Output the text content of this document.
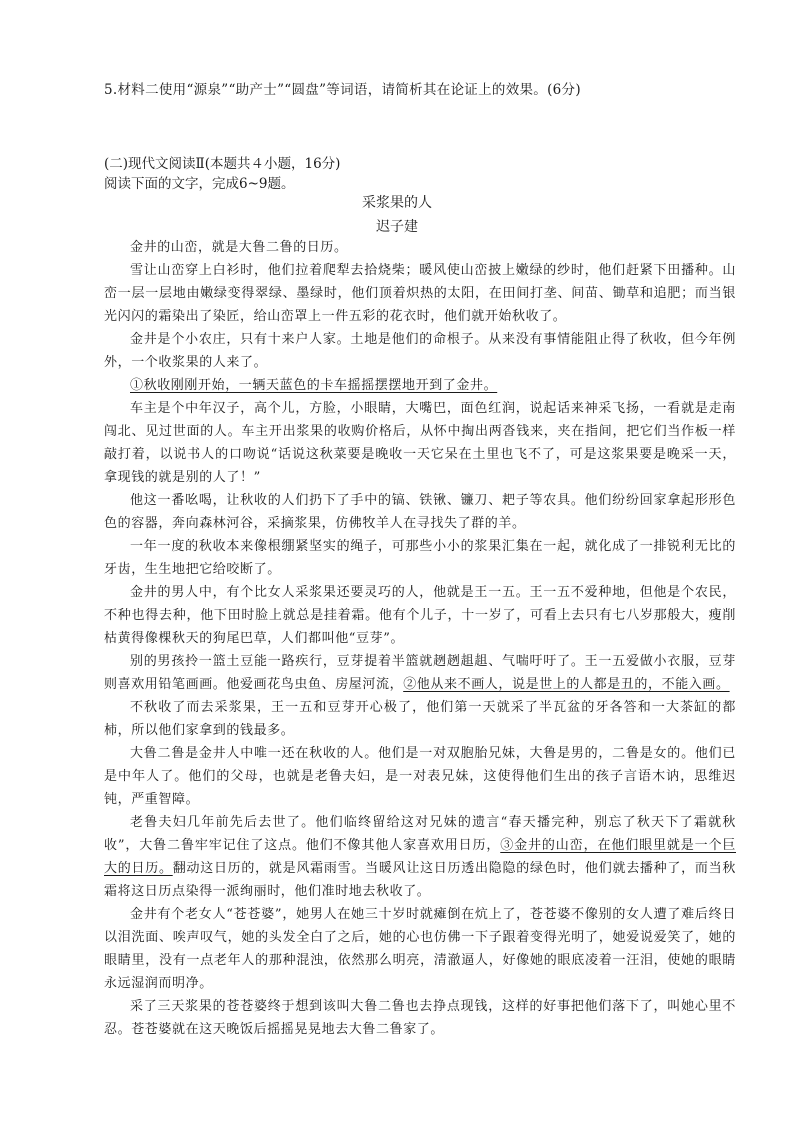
5.材料二使用“源泉”“助产士”“圆盘”等词语，请简析其在论证上的效果。(6分)
(二)现代文阅读Ⅱ(本题共４小题，16分)
阅读下面的文字，完成6~9题。
采浆果的人
迟子建

金井的山峦，就是大鲁二鲁的日历。

雪让山峦穿上白衫时，他们拉着爬犁去拾烧柴；暖风使山峦披上嫩绿的纱时，他们赶紧下田播种。山峦一层一层地由嫩绿变得翠绿、墨绿时，他们顶着炽热的太阳，在田间打垄、间苗、锄草和追肥；而当银光闪闪的霜染出了染匠，给山峦罩上一件五彩的花衣时，他们就开始秋收了。

金井是个小农庄，只有十来户人家。土地是他们的命根子。从来没有事情能阻止得了秋收，但今年例外，一个收浆果的人来了。

①秋收刚刚开始，一辆天蓝色的卡车摇摇摆摆地开到了金井。

车主是个中年汉子，高个儿，方脸，小眼睛，大嘴巴，面色红润，说起话来神采飞扬，一看就是走南闯北、见过世面的人。车主开出浆果的收购价格后，从怀中掏出两沓钱来，夹在指间，把它们当作板一样敲打着，以说书人的口吻说“话说这秋菜要是晚收一天它呆在土里也飞不了，可是这浆果要是晚采一天，拿现钱的就是别的人了！”

他这一番吆喝，让秋收的人们扔下了手中的镐、铁锹、镰刀、耙子等农具。他们纷纷回家拿起形形色色的容器，奔向森林河谷，采摘浆果，仿佛牧羊人在寻找失了群的羊。

一年一度的秋收本来像根绷紧坚实的绳子，可那些小小的浆果汇集在一起，就化成了一排锐利无比的牙齿，生生地把它给咬断了。

金井的男人中，有个比女人采浆果还要灵巧的人，他就是王一五。王一五不爱种地，但他是个农民，不种也得去种，他下田时脸上就总是挂着霜。他有个儿子，十一岁了，可看上去只有七八岁那般大，瘦削枯黄得像棵秋天的狗尾巴草，人们都叫他“豆芽”。

别的男孩拎一篮土豆能一路疾行，豆芽提着半篮就趔趔趄趄、气喘吁吁了。王一五爱做小衣服，豆芽则喜欢用铅笔画画。他爱画花鸟虫鱼、房屋河流，②他从来不画人，说是世上的人都是丑的，不能入画。

不秋收了而去采浆果，王一五和豆芽开心极了，他们第一天就采了半瓦盆的牙各答和一大茶缸的都柿，所以他们家拿到的钱最多。

大鲁二鲁是金井人中唯一还在秋收的人。他们是一对双胞胎兄妹，大鲁是男的，二鲁是女的。他们已是中年人了。他们的父母，也就是老鲁夫妇，是一对表兄妹，这使得他们生出的孩子言语木讷，思维迟钝，严重智障。

老鲁夫妇几年前先后去世了。他们临终留给这对兄妹的遗言“春天播完种，别忘了秋天下了霜就秋收”，大鲁二鲁牢牢记住了这点。他们不像其他人家喜欢用日历，③金井的山峦，在他们眼里就是一个巨大的日历。翻动这日历的，就是风霜雨雪。当暖风让这日历透出隐隐的绿色时，他们就去播种了，而当秋霜将这日历点染得一派绚丽时，他们准时地去秋收了。

金井有个老女人“苍苍婆”，她男人在她三十岁时就瘫倒在炕上了，苍苍婆不像别的女人遭了难后终日以泪洗面、唉声叹气，她的头发全白了之后，她的心也仿佛一下子跟着变得光明了，她爱说爱笑了，她的眼睛里，没有一点老年人的那种混浊，依然那么明亮，清澈逼人，好像她的眼底凌着一汪泪，使她的眼睛永远湿润而明净。

采了三天浆果的苍苍婆终于想到该叫大鲁二鲁也去挣点现钱，这样的好事把他们落下了，叫她心里不忍。苍苍婆就在这天晚饭后摇摇晃晃地去大鲁二鲁家了。
